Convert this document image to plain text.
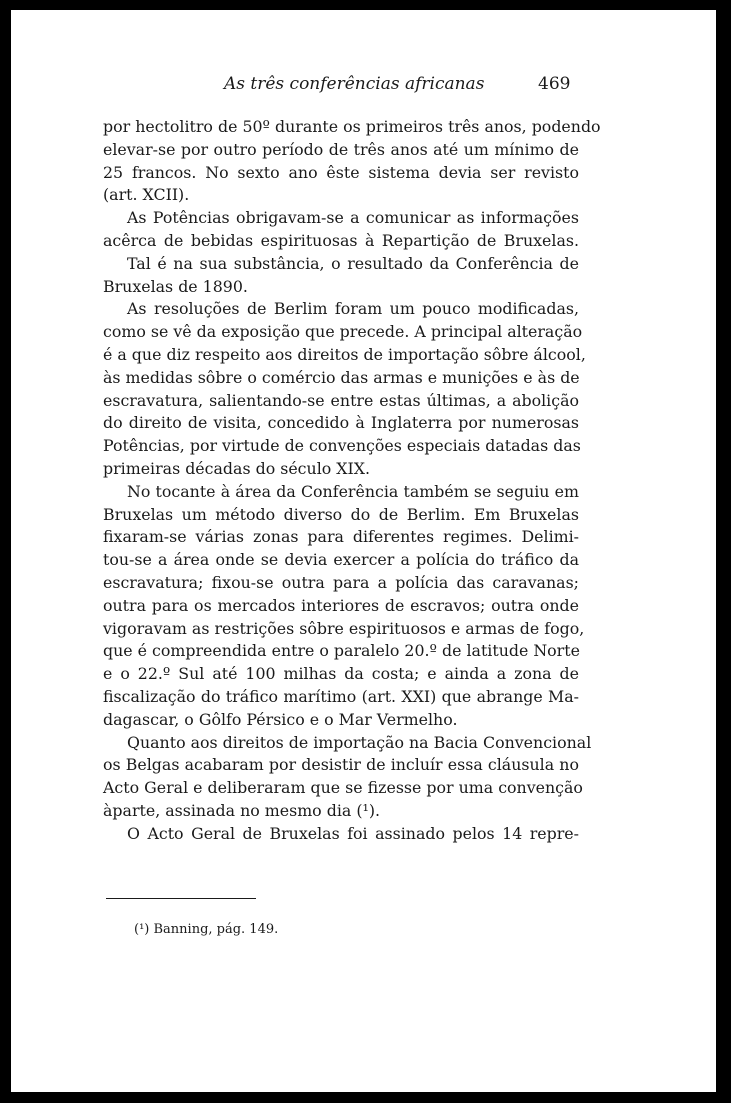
As três conferências africanas	469
por hectolitro de 50º durante os primeiros três anos, podendo
elevar-se por outro período de três anos até um mínimo de
25 francos. No sexto ano êste sistema devia ser revisto
(art. XCII).
As Potências obrigavam-se a comunicar as informações
acêrca de bebidas espirituosas à Repartição de Bruxelas.
Tal é na sua substância, o resultado da Conferência de
Bruxelas de 1890.
As resoluções de Berlim foram um pouco modificadas,
como se vê da exposição que precede. A principal alteração
é a que diz respeito aos direitos de importação sôbre álcool,
às medidas sôbre o comércio das armas e munições e às de
escravatura, salientando-se entre estas últimas, a abolição
do direito de visita, concedido à Inglaterra por numerosas
Potências, por virtude de convenções especiais datadas das
primeiras décadas do século XIX.
No tocante à área da Conferência também se seguiu em
Bruxelas um método diverso do de Berlim. Em Bruxelas
fixaram-se várias zonas para diferentes regimes. Delimi-
tou-se a área onde se devia exercer a polícia do tráfico da
escravatura; fixou-se outra para a polícia das caravanas;
outra para os mercados interiores de escravos; outra onde
vigoravam as restrições sôbre espirituosos e armas de fogo,
que é compreendida entre o paralelo 20.º de latitude Norte
e o 22.º Sul até 100 milhas da costa; e ainda a zona de
fiscalização do tráfico marítimo (art. XXI) que abrange Ma-
dagascar, o Gôlfo Pérsico e o Mar Vermelho.
Quanto aos direitos de importação na Bacia Convencional
os Belgas acabaram por desistir de incluír essa cláusula no
Acto Geral e deliberaram que se fizesse por uma convenção
àparte, assinada no mesmo dia (¹).
O Acto Geral de Bruxelas foi assinado pelos 14 repre-
(¹) Banning, pág. 149.
